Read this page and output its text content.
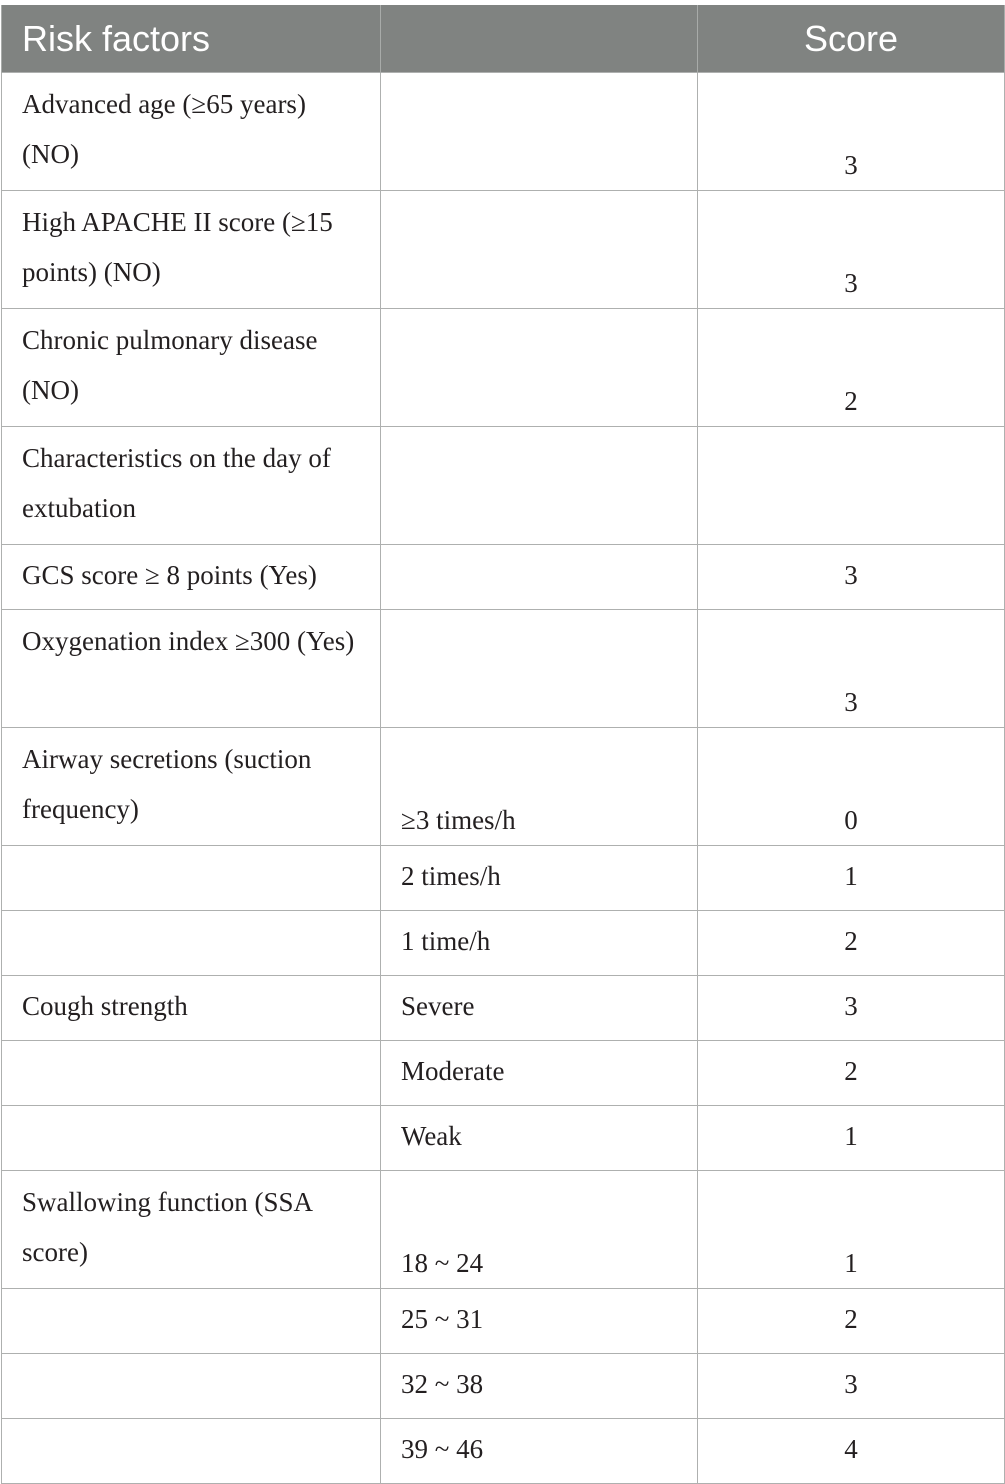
Risk factors		Score
Advanced age (≥65 years) (NO)		3
High APACHE II score (≥15 points) (NO)		3
Chronic pulmonary disease (NO)		2
Characteristics on the day of extubation		
GCS score ≥ 8 points (Yes)		3
Oxygenation index ≥300 (Yes)		3
Airway secretions (suction frequency)	≥3 times/h	0
	2 times/h	1
	1 time/h	2
Cough strength	Severe	3
	Moderate	2
	Weak	1
Swallowing function (SSA score)	18 ~ 24	1
	25 ~ 31	2
	32 ~ 38	3
	39 ~ 46	4
